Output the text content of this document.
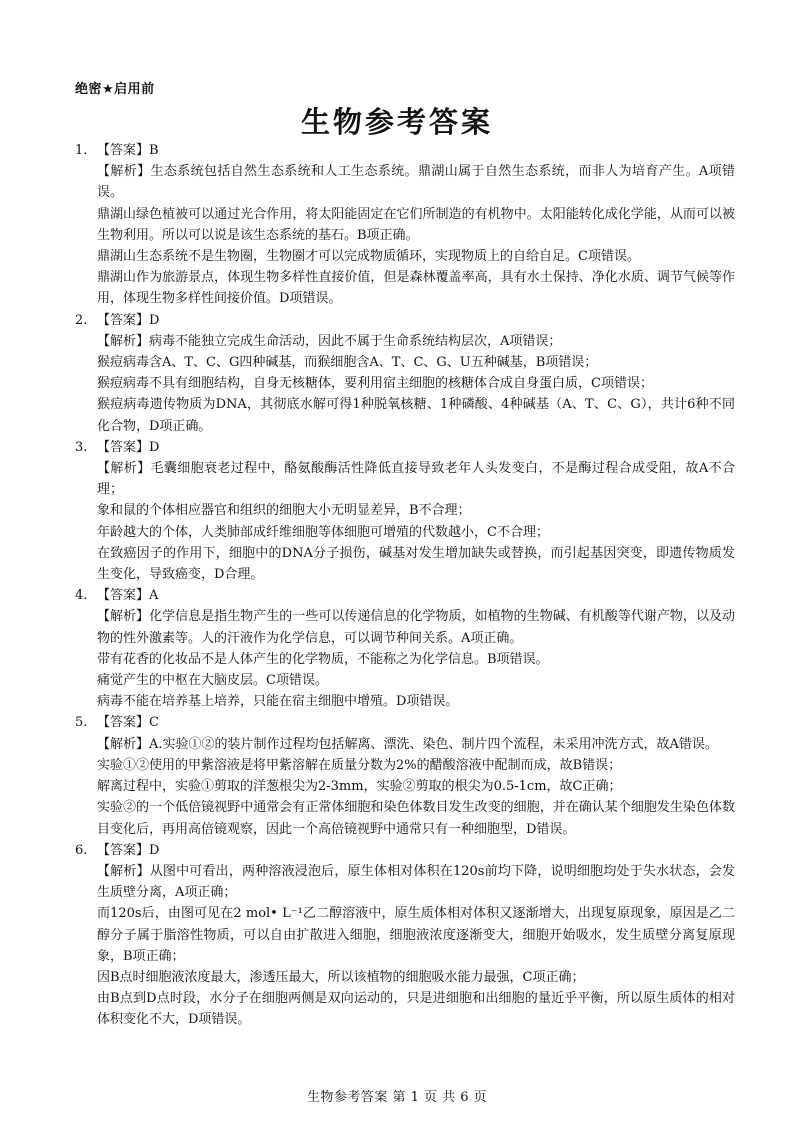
绝密★启用前
生物参考答案
1. 【答案】B

【解析】生态系统包括自然生态系统和人工生态系统。鼎湖山属于自然生态系统，而非人为培育产生。A项错误。

鼎湖山绿色植被可以通过光合作用，将太阳能固定在它们所制造的有机物中。太阳能转化成化学能，从而可以被生物利用。所以可以说是该生态系统的基石。B项正确。

鼎湖山生态系统不是生物圈，生物圈才可以完成物质循环，实现物质上的自给自足。C项错误。

鼎湖山作为旅游景点，体现生物多样性直接价值，但是森林覆盖率高，具有水土保持、净化水质、调节气候等作用，体现生物多样性间接价值。D项错误。

2. 【答案】D

【解析】病毒不能独立完成生命活动，因此不属于生命系统结构层次，A项错误；

猴痘病毒含A、T、C、G四种碱基，而猴细胞含A、T、C、G、U五种碱基，B项错误；

猴痘病毒不具有细胞结构，自身无核糖体，要利用宿主细胞的核糖体合成自身蛋白质，C项错误；

猴痘病毒遗传物质为DNA，其彻底水解可得1种脱氧核糖、1种磷酸、4种碱基（A、T、C、G），共计6种不同化合物，D项正确。

3. 【答案】D

【解析】毛囊细胞衰老过程中，酪氨酸酶活性降低直接导致老年人头发变白，不是酶过程合成受阻，故A不合理；

象和鼠的个体相应器官和组织的细胞大小无明显差异，B不合理；

年龄越大的个体，人类肺部成纤维细胞等体细胞可增殖的代数越小，C不合理；

在致癌因子的作用下，细胞中的DNA分子损伤，碱基对发生增加缺失或替换，而引起基因突变，即遗传物质发生变化，导致癌变，D合理。

4. 【答案】A

【解析】化学信息是指生物产生的一些可以传递信息的化学物质，如植物的生物碱、有机酸等代谢产物，以及动物的性外激素等。人的汗液作为化学信息，可以调节种间关系。A项正确。

带有花香的化妆品不是人体产生的化学物质，不能称之为化学信息。B项错误。

痛觉产生的中枢在大脑皮层。C项错误。

病毒不能在培养基上培养，只能在宿主细胞中增殖。D项错误。

5. 【答案】C

【解析】A.实验①②的装片制作过程均包括解离、漂洗、染色、制片四个流程，未采用冲洗方式，故A错误。

实验①②使用的甲紫溶液是将甲紫溶解在质量分数为2%的醋酸溶液中配制而成，故B错误；

解离过程中，实验①剪取的洋葱根尖为2-3mm，实验②剪取的根尖为0.5-1cm，故C正确；

实验②的一个低倍镜视野中通常会有正常体细胞和染色体数目发生改变的细胞，并在确认某个细胞发生染色体数目变化后，再用高倍镜观察，因此一个高倍镜视野中通常只有一种细胞型，D错误。

6. 【答案】D

【解析】从图中可看出，两种溶液浸泡后，原生体相对体积在120s前均下降，说明细胞均处于失水状态，会发生质壁分离，A项正确；

而120s后，由图可见在2 mol• L⁻¹乙二醇溶液中，原生质体相对体积又逐渐增大，出现复原现象，原因是乙二醇分子属于脂溶性物质，可以自由扩散进入细胞，细胞液浓度逐渐变大，细胞开始吸水，发生质壁分离复原现象，B项正确；

因B点时细胞液浓度最大，渗透压最大，所以该植物的细胞吸水能力最强，C项正确；

由B点到D点时段，水分子在细胞两侧是双向运动的，只是进细胞和出细胞的量近乎平衡，所以原生质体的相对体积变化不大，D项错误。

生物参考答案 第 1 页 共 6 页
